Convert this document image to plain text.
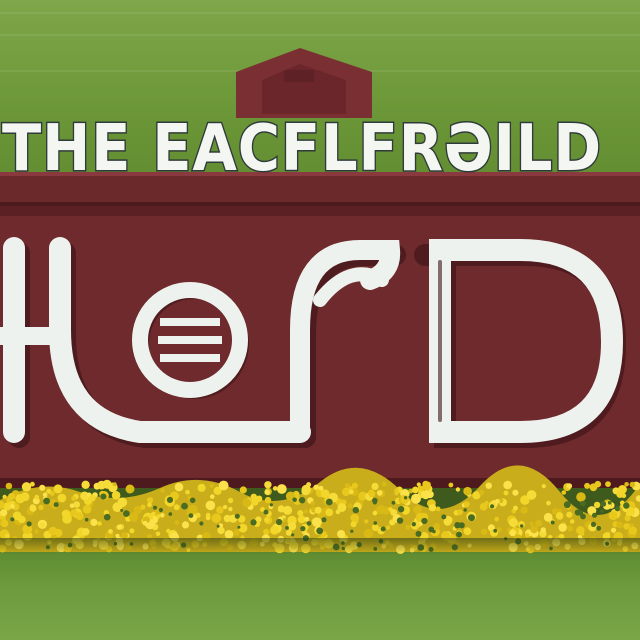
THE EACFLFRƏILD
